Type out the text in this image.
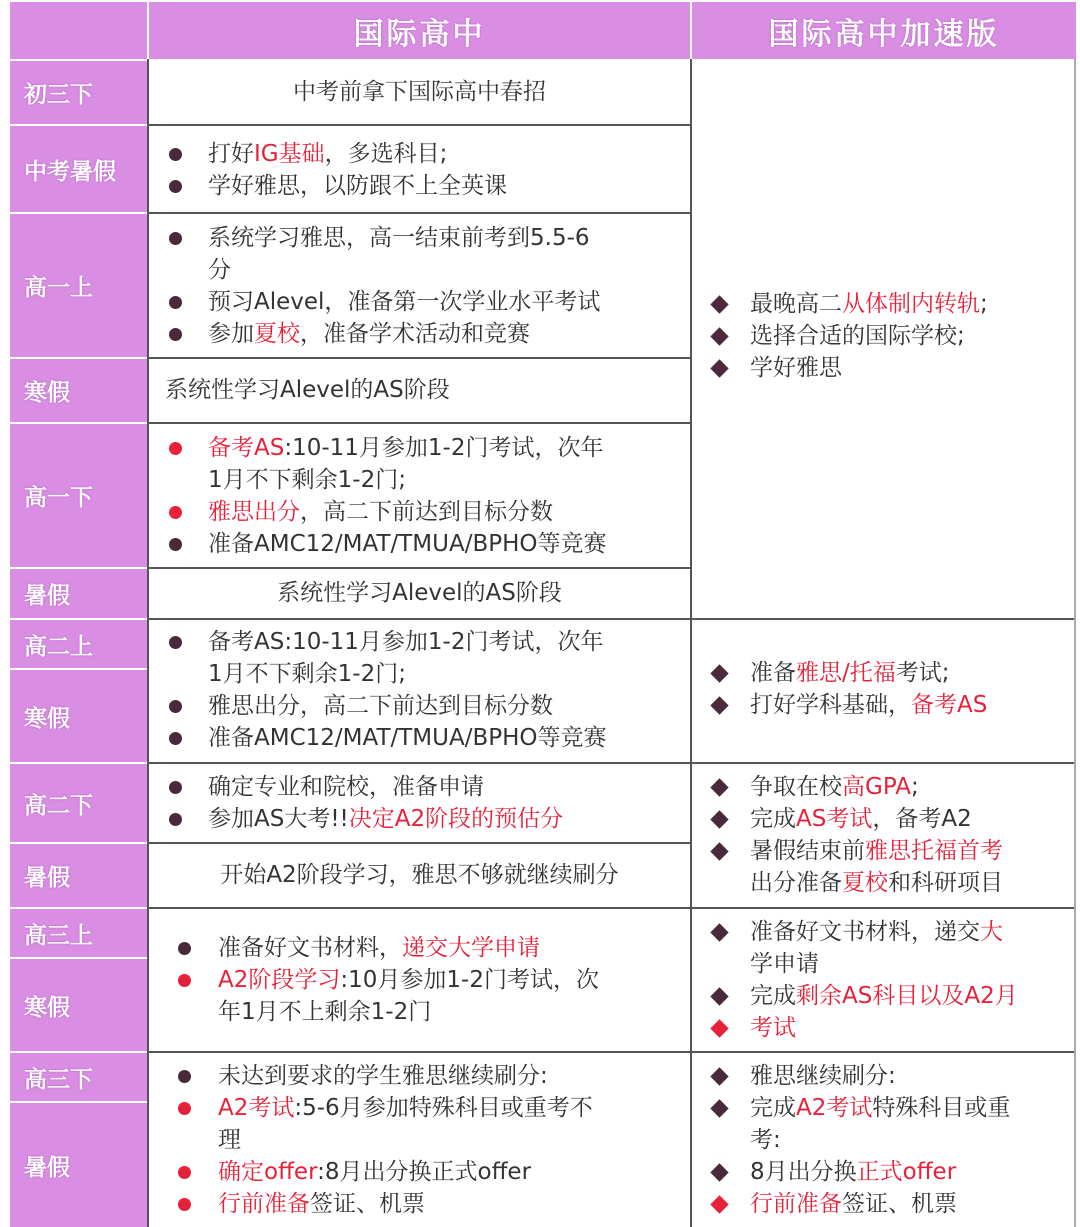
国际高中	国际高中加速版
初三下
中考暑假
高一上
寒假
高一下
暑假
高二上
寒假
高二下
暑假
高三上
寒假
高三下
暑假
中考前拿下国际高中春招
打好IG基础，多选科目;
学好雅思，以防跟不上全英课
系统学习雅思，高一结束前考到5.5-6
分
预习Alevel，准备第一次学业水平考试
参加夏校，准备学术活动和竞赛
系统性学习Alevel的AS阶段
备考AS:10-11月参加1-2门考试，次年
1月不下剩余1-2门;
雅思出分，高二下前达到目标分数
准备AMC12/MAT/TMUA/BPHO等竞赛
系统性学习Alevel的AS阶段
备考AS:10-11月参加1-2门考试，次年
1月不下剩余1-2门;
雅思出分，高二下前达到目标分数
准备AMC12/MAT/TMUA/BPHO等竞赛
确定专业和院校，准备申请
参加AS大考!!决定A2阶段的预估分
开始A2阶段学习，雅思不够就继续刷分
准备好文书材料，递交大学申请
A2阶段学习:10月参加1-2门考试，次
年1月不上剩余1-2门
未达到要求的学生雅思继续刷分:
A2考试:5-6月参加特殊科目或重考不
理
确定offer:8月出分换正式offer
行前准备签证、机票
最晚高二从体制内转轨;
选择合适的国际学校;
学好雅思
准备雅思/托福考试;
打好学科基础，备考AS
争取在校高GPA;
完成AS考试，备考A2
暑假结束前雅思托福首考
出分准备夏校和科研项目
准备好文书材料，递交大
学申请
完成剩余AS科目以及A2月
考试
雅思继续刷分:
完成A2考试特殊科目或重
考:
8月出分换正式offer
行前准备签证、机票
